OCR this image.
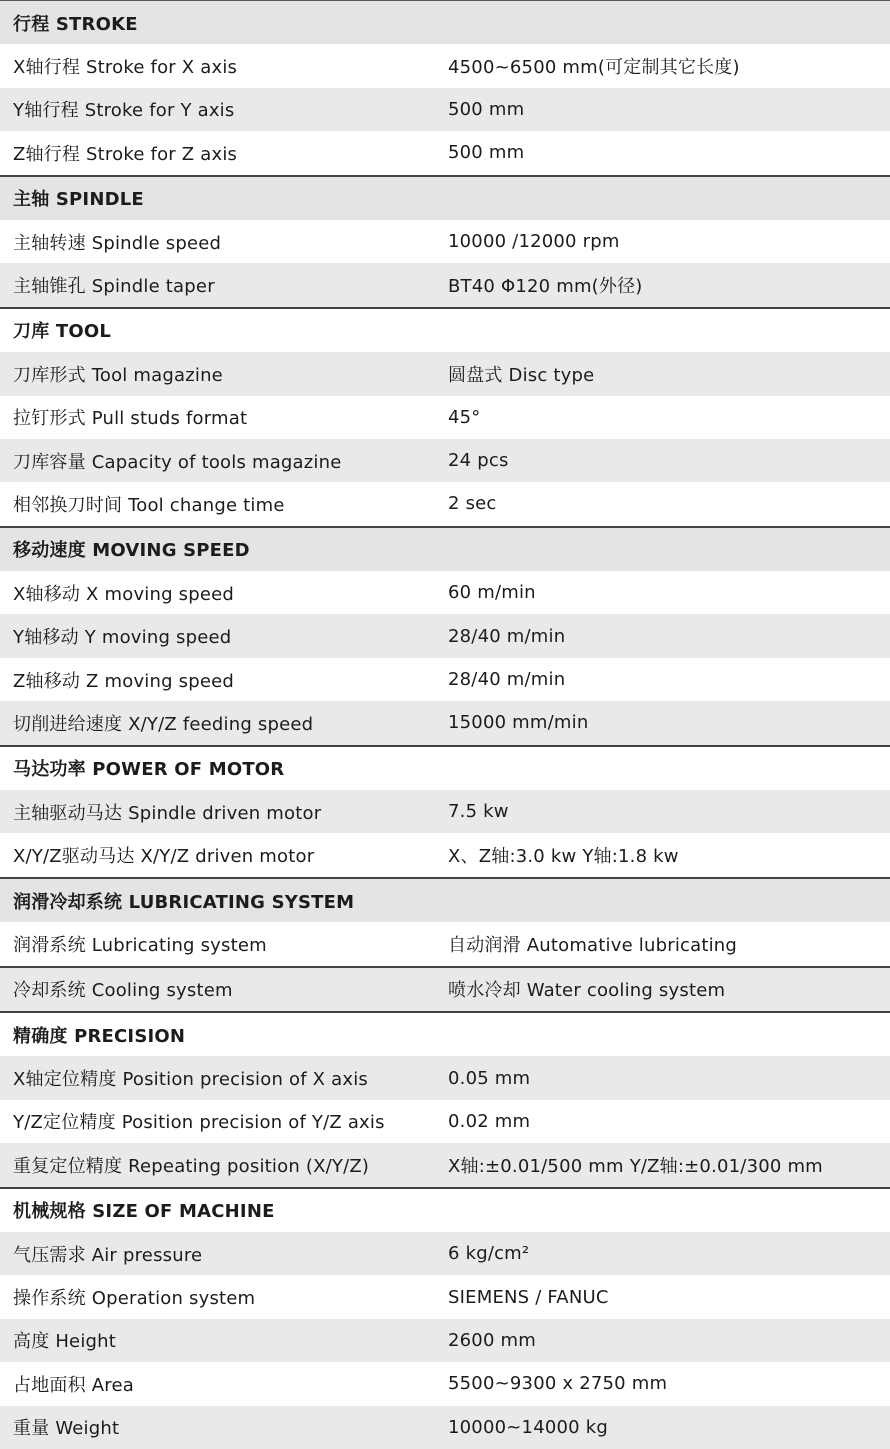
行程 STROKE
X轴行程 Stroke for X axis	4500~6500 mm(可定制其它长度)
Y轴行程 Stroke for Y axis	500 mm
Z轴行程 Stroke for Z axis	500 mm
主轴 SPINDLE
主轴转速 Spindle speed	10000 /12000 rpm
主轴锥孔 Spindle taper	BT40 Φ120 mm(外径)
刀库 TOOL
刀库形式 Tool magazine	圆盘式 Disc type
拉钉形式 Pull studs format	45°
刀库容量 Capacity of tools magazine	24 pcs
相邻换刀时间 Tool change time	2 sec
移动速度 MOVING SPEED
X轴移动 X moving speed	60 m/min
Y轴移动 Y moving speed	28/40 m/min
Z轴移动 Z moving speed	28/40 m/min
切削进给速度 X/Y/Z feeding speed	15000 mm/min
马达功率 POWER OF MOTOR
主轴驱动马达 Spindle driven motor	7.5 kw
X/Y/Z驱动马达 X/Y/Z driven motor	X、Z轴:3.0 kw Y轴:1.8 kw
润滑冷却系统 LUBRICATING SYSTEM
润滑系统 Lubricating system	自动润滑 Automative lubricating
冷却系统 Cooling system	喷水冷却 Water cooling system
精确度 PRECISION
X轴定位精度 Position precision of X axis	0.05 mm
Y/Z定位精度 Position precision of Y/Z axis	0.02 mm
重复定位精度 Repeating position (X/Y/Z)	X轴:±0.01/500 mm Y/Z轴:±0.01/300 mm
机械规格 SIZE OF MACHINE
气压需求 Air pressure	6 kg/cm²
操作系统 Operation system	SIEMENS / FANUC
高度 Height	2600 mm
占地面积 Area	5500~9300 x 2750 mm
重量 Weight	10000~14000 kg
